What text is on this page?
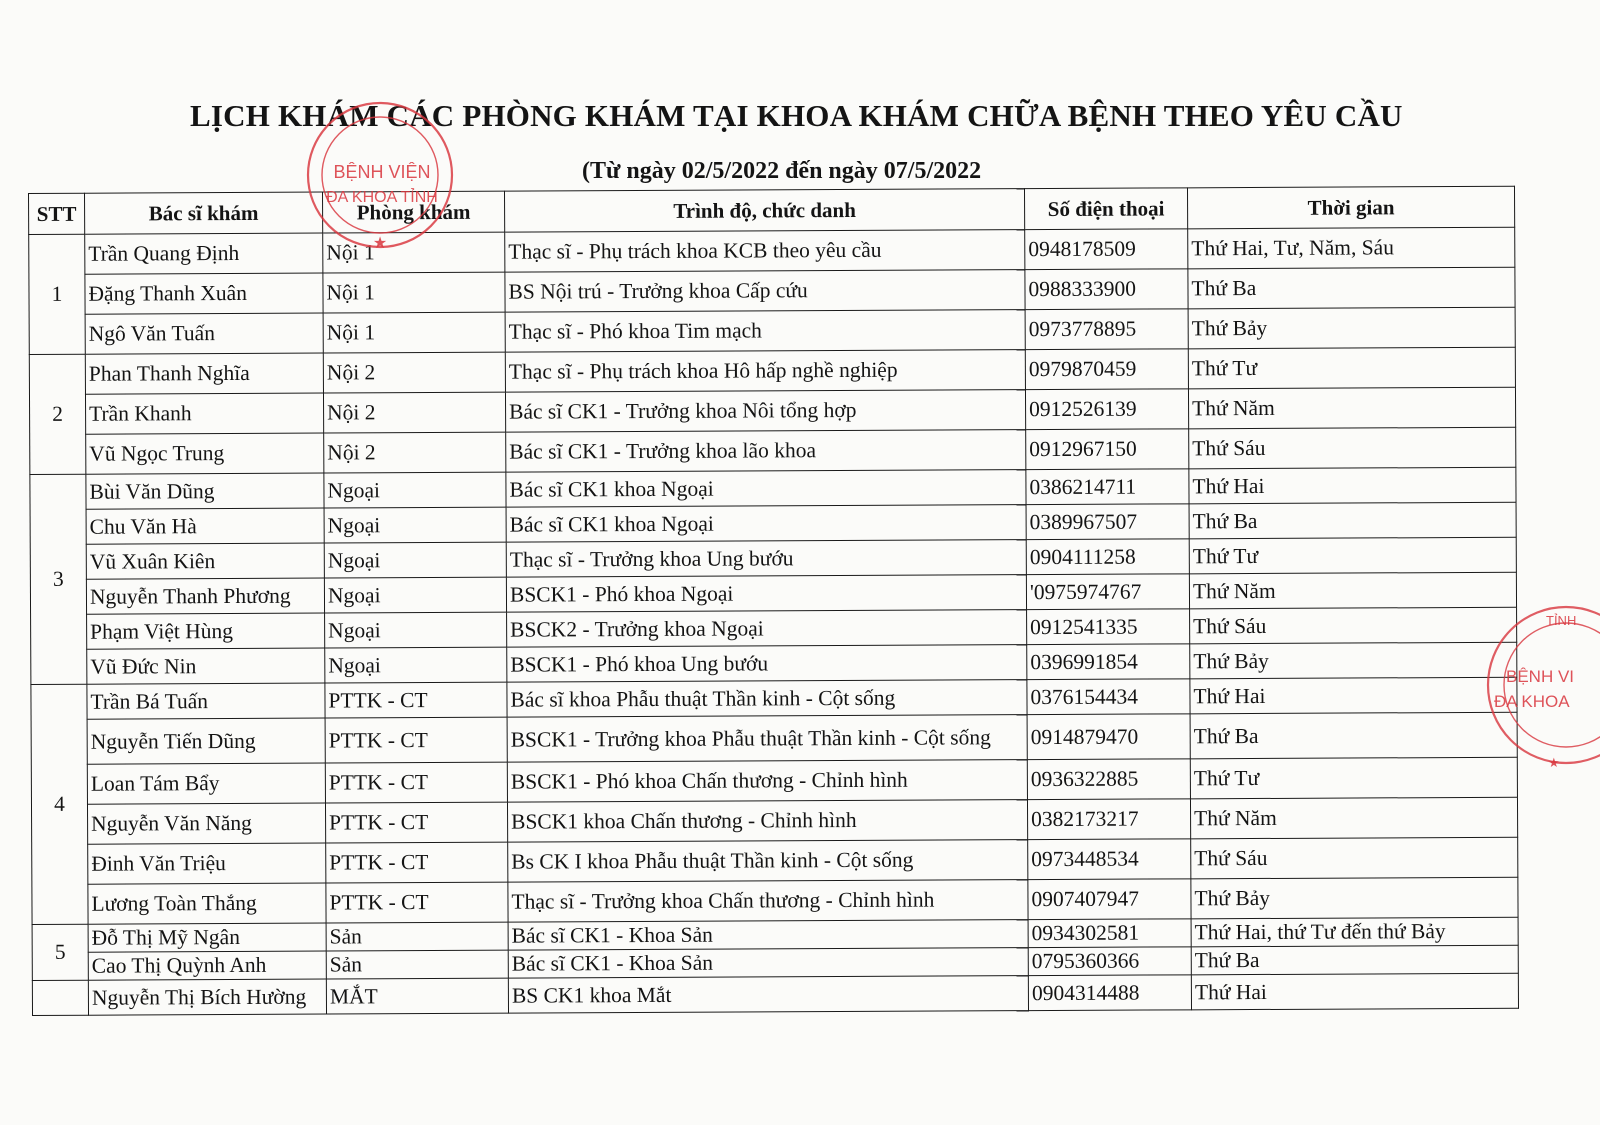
LỊCH KHÁM CÁC PHÒNG KHÁM TẠI KHOA KHÁM CHỮA BỆNH THEO YÊU CẦU
(Từ ngày 02/5/2022 đến ngày 07/5/2022
STT	Bác sĩ khám	Phòng khám	Trình độ, chức danh	Số điện thoại	Thời gian
1	Trần Quang Định	Nội 1	Thạc sĩ - Phụ trách khoa KCB theo yêu cầu	0948178509	Thứ Hai, Tư, Năm, Sáu
	Đặng Thanh Xuân	Nội 1	BS Nội trú - Trưởng khoa Cấp cứu	0988333900	Thứ Ba
	Ngô Văn Tuấn	Nội 1	Thạc sĩ - Phó khoa Tim mạch	0973778895	Thứ Bảy
2	Phan Thanh Nghĩa	Nội 2	Thạc sĩ - Phụ trách khoa Hô hấp nghề nghiệp	0979870459	Thứ Tư
	Trần Khanh	Nội 2	Bác sĩ CK1 - Trưởng khoa Nôi tổng hợp	0912526139	Thứ Năm
	Vũ Ngọc Trung	Nội 2	Bác sĩ CK1 - Trưởng khoa lão khoa	0912967150	Thứ Sáu
3	Bùi Văn Dũng	Ngoại	Bác sĩ CK1 khoa Ngoại	0386214711	Thứ Hai
	Chu Văn Hà	Ngoại	Bác sĩ CK1 khoa Ngoại	0389967507	Thứ Ba
	Vũ Xuân Kiên	Ngoại	Thạc sĩ - Trưởng khoa Ung bướu	0904111258	Thứ Tư
	Nguyễn Thanh Phương	Ngoại	BSCK1 - Phó khoa Ngoại	'0975974767	Thứ Năm
	Phạm Việt Hùng	Ngoại	BSCK2 - Trưởng khoa Ngoại	0912541335	Thứ Sáu
	Vũ Đức Nin	Ngoại	BSCK1 - Phó khoa Ung bướu	0396991854	Thứ Bảy
4	Trần Bá Tuấn	PTTK - CT	Bác sĩ khoa Phẫu thuật Thần kinh - Cột sống	0376154434	Thứ Hai
	Nguyễn Tiến Dũng	PTTK - CT	BSCK1 - Trưởng khoa Phẫu thuật Thần kinh - Cột sống	0914879470	Thứ Ba
	Loan Tám Bẩy	PTTK - CT	BSCK1 - Phó khoa Chấn thương - Chỉnh hình	0936322885	Thứ Tư
	Nguyễn Văn Năng	PTTK - CT	BSCK1 khoa Chấn thương - Chỉnh hình	0382173217	Thứ Năm
	Đinh Văn Triệu	PTTK - CT	Bs CK I khoa Phẫu thuật Thần kinh - Cột sống	0973448534	Thứ Sáu
	Lương Toàn Thắng	PTTK - CT	Thạc sĩ - Trưởng khoa Chấn thương - Chỉnh hình	0907407947	Thứ Bảy
5	Đỗ Thị Mỹ Ngân	Sản	Bác sĩ CK1 - Khoa Sản	0934302581	Thứ Hai, thứ Tư đến thứ Bảy
	Cao Thị Quỳnh Anh	Sản	Bác sĩ CK1 - Khoa Sản	0795360366	Thứ Ba
	Nguyễn Thị Bích Hường	MẮT	BS CK1 khoa Mắt	0904314488	Thứ Hai
BỆNH VIỆN
ĐA KHOA TỈNH
★
TỈNH
BỆNH VI
ĐA KHOA
★
